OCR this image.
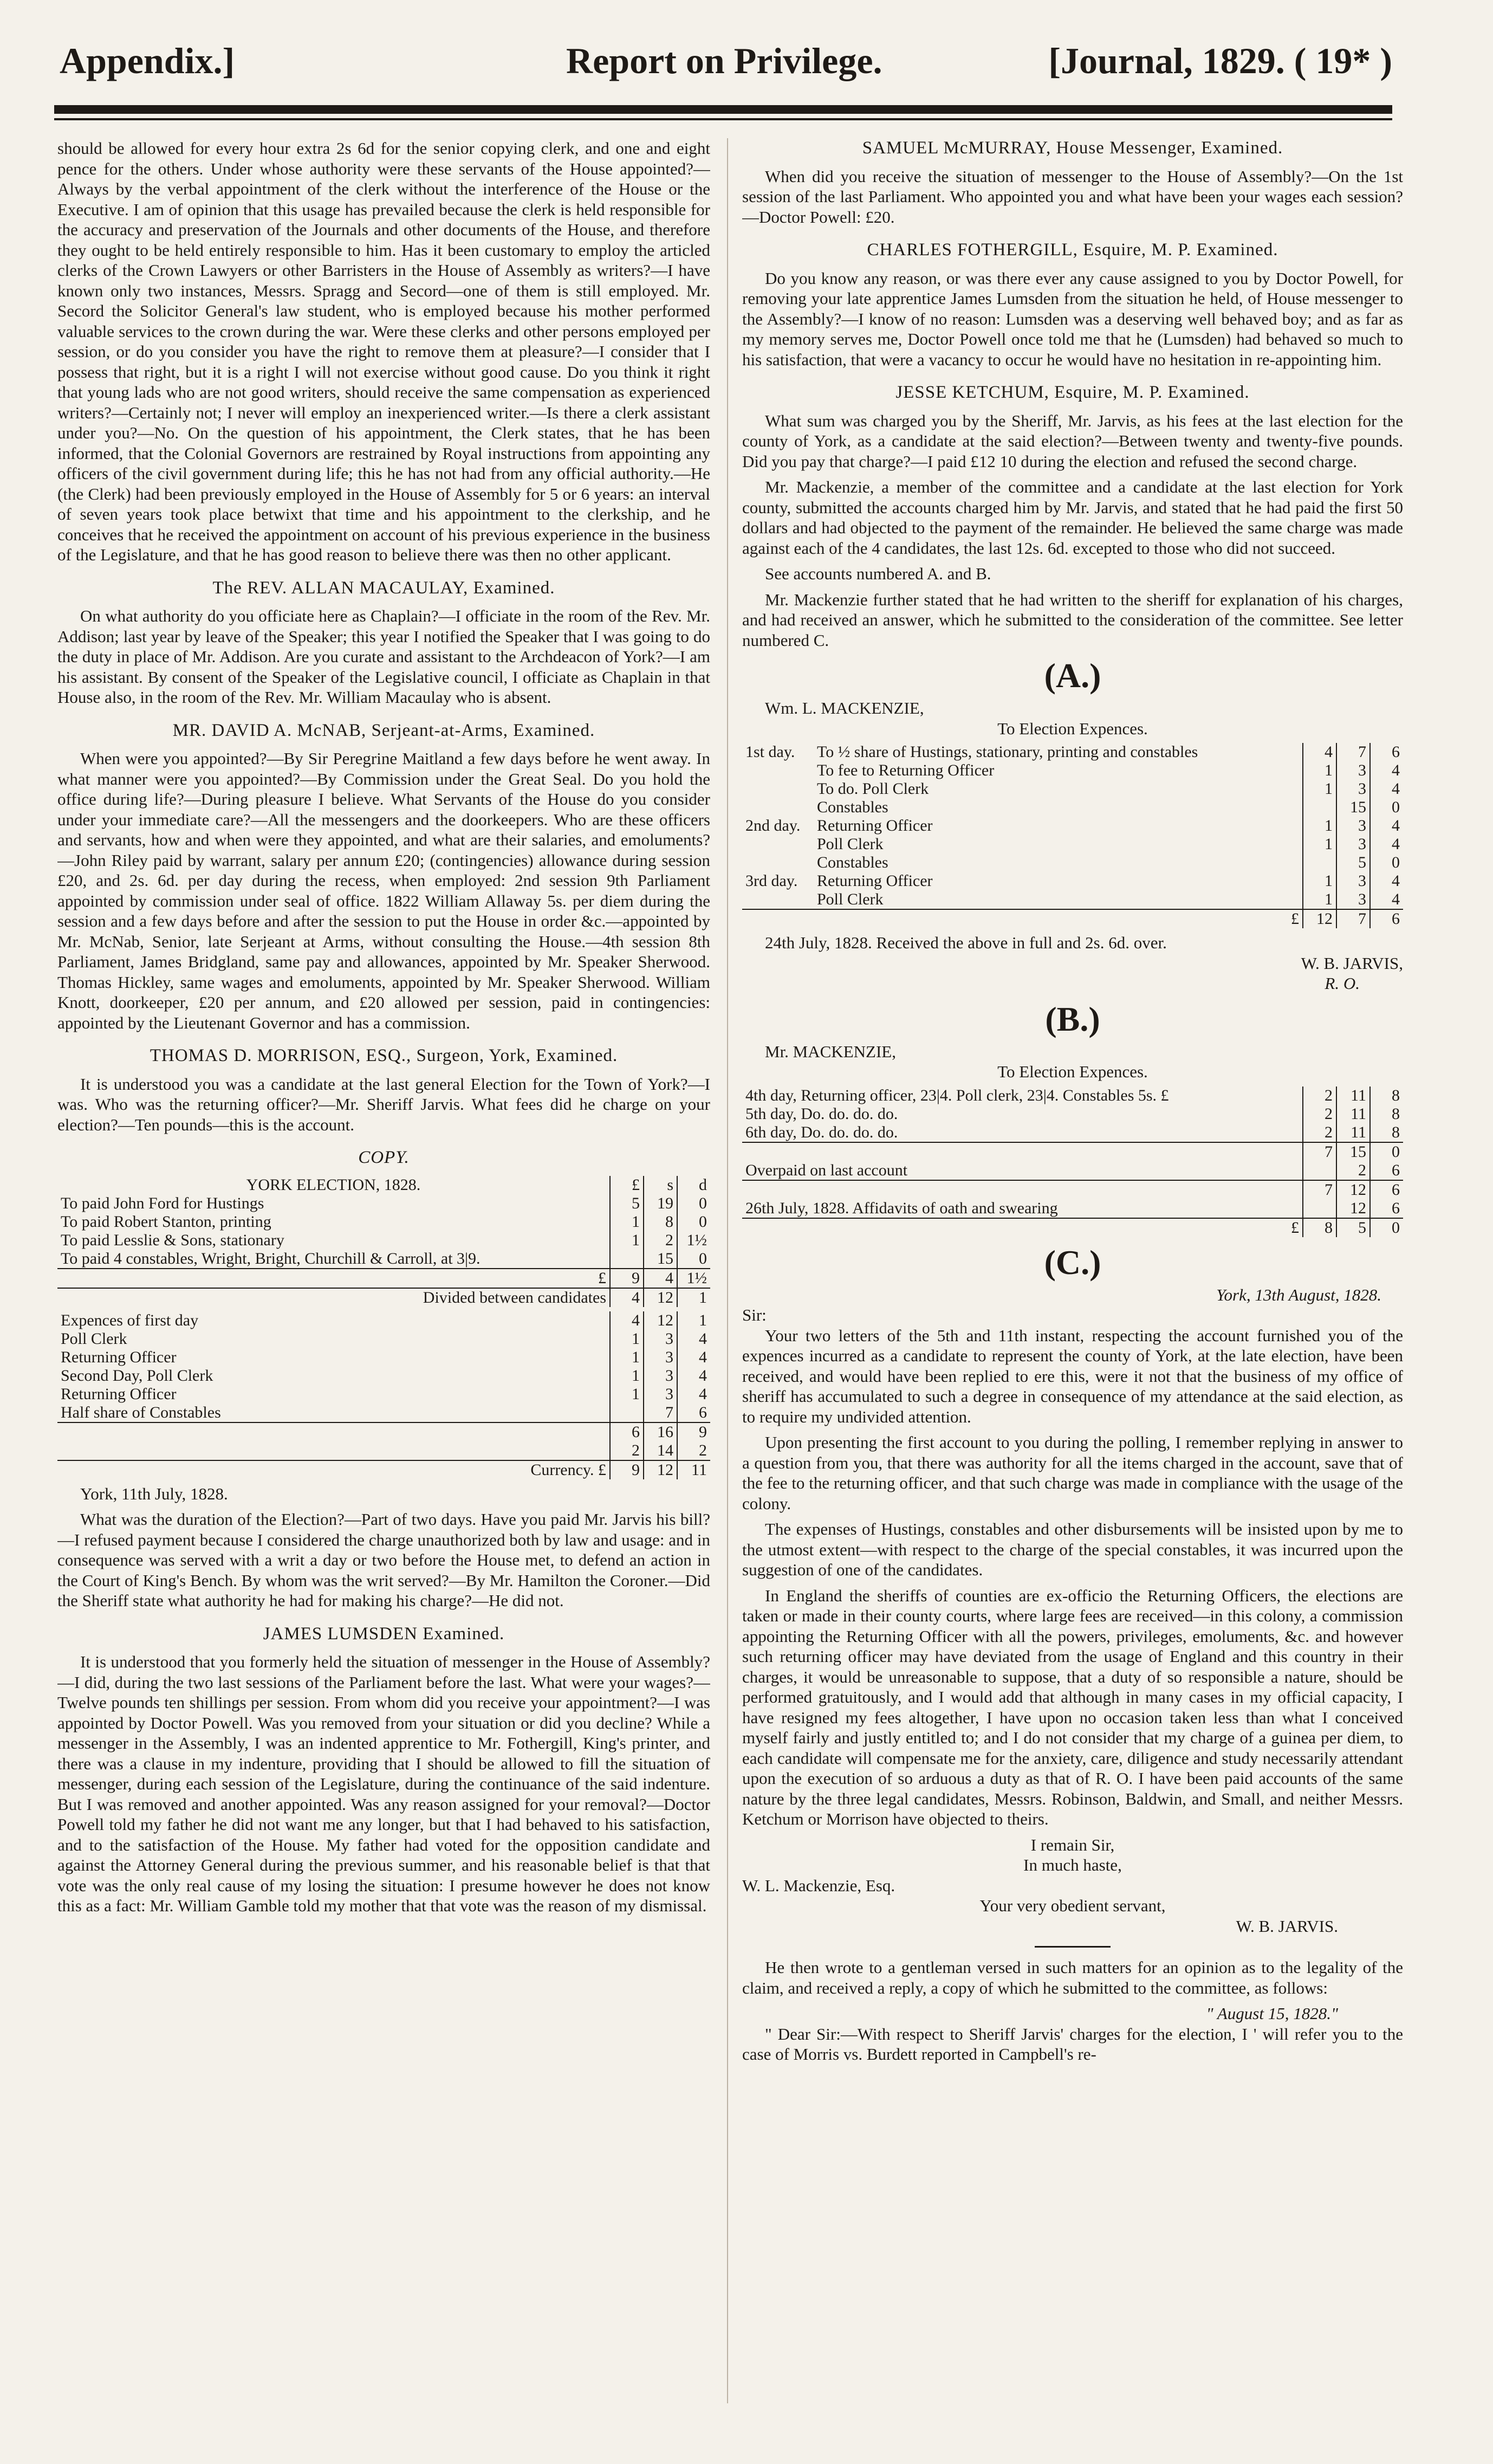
Appendix.]	Report on Privilege.	[Journal, 1829. ( 19* )

should be allowed for every hour extra 2s 6d for the senior copying clerk, and one and eight pence for the others. Under whose authority were these servants of the House appointed?—Always by the verbal appointment of the clerk without the interference of the House or the Executive. I am of opinion that this usage has prevailed because the clerk is held responsible for the accuracy and preservation of the Journals and other documents of the House, and therefore they ought to be held entirely responsible to him. Has it been customary to employ the articled clerks of the Crown Lawyers or other Barristers in the House of Assembly as writers?—I have known only two instances, Messrs. Spragg and Secord—one of them is still employed. Mr. Secord the Solicitor General's law student, who is employed because his mother performed valuable services to the crown during the war. Were these clerks and other persons employed per session, or do you consider you have the right to remove them at pleasure?—I consider that I possess that right, but it is a right I will not exercise without good cause. Do you think it right that young lads who are not good writers, should receive the same compensation as experienced writers?—Certainly not; I never will employ an inexperienced writer.—Is there a clerk assistant under you?—No. On the question of his appointment, the Clerk states, that he has been informed, that the Colonial Governors are restrained by Royal instructions from appointing any officers of the civil government during life; this he has not had from any official authority.—He (the Clerk) had been previously employed in the House of Assembly for 5 or 6 years: an interval of seven years took place betwixt that time and his appointment to the clerkship, and he conceives that he received the appointment on account of his previous experience in the business of the Legislature, and that he has good reason to believe there was then no other applicant.

The REV. ALLAN MACAULAY, Examined.

On what authority do you officiate here as Chaplain?—I officiate in the room of the Rev. Mr. Addison; last year by leave of the Speaker; this year I notified the Speaker that I was going to do the duty in place of Mr. Addison. Are you curate and assistant to the Archdeacon of York?—I am his assistant. By consent of the Speaker of the Legislative council, I officiate as Chaplain in that House also, in the room of the Rev. Mr. William Macaulay who is absent.

MR. DAVID A. McNAB, Serjeant-at-Arms, Examined.

When were you appointed?—By Sir Peregrine Maitland a few days before he went away. In what manner were you appointed?—By Commission under the Great Seal. Do you hold the office during life?—During pleasure I believe. What Servants of the House do you consider under your immediate care?—All the messengers and the doorkeepers. Who are these officers and servants, how and when were they appointed, and what are their salaries, and emoluments?—John Riley paid by warrant, salary per annum £20; (contingencies) allowance during session £20, and 2s. 6d. per day during the recess, when employed: 2nd session 9th Parliament appointed by commission under seal of office. 1822 William Allaway 5s. per diem during the session and a few days before and after the session to put the House in order &c.—appointed by Mr. McNab, Senior, late Serjeant at Arms, without consulting the House.—4th session 8th Parliament, James Bridgland, same pay and allowances, appointed by Mr. Speaker Sherwood. Thomas Hickley, same wages and emoluments, appointed by Mr. Speaker Sherwood. William Knott, doorkeeper, £20 per annum, and £20 allowed per session, paid in contingencies: appointed by the Lieutenant Governor and has a commission.

THOMAS D. MORRISON, ESQ., Surgeon, York, Examined.

It is understood you was a candidate at the last general Election for the Town of York?—I was. Who was the returning officer?—Mr. Sheriff Jarvis. What fees did he charge on your election?—Ten pounds—this is the account.

COPY.
YORK ELECTION, 1828.	£	s	d
To paid John Ford for Hustings	5	19	0
To paid Robert Stanton, printing	1	8	0
To paid Lesslie & Sons, stationary	1	2	1½
To paid 4 constables, Wright, Bright, Churchill & Carroll, at 3|9.		15	0
£	9	4	1½
Divided between candidates	4	12	1
Expences of first day	4	12	1
Poll Clerk	1	3	4
Returning Officer	1	3	4
Second Day, Poll Clerk	1	3	4
Returning Officer	1	3	4
Half share of Constables		7	6
	6	16	9
	2	14	2
Currency. £	9	12	11

York, 11th July, 1828.

What was the duration of the Election?—Part of two days. Have you paid Mr. Jarvis his bill?—I refused payment because I considered the charge unauthorized both by law and usage: and in consequence was served with a writ a day or two before the House met, to defend an action in the Court of King's Bench. By whom was the writ served?—By Mr. Hamilton the Coroner.—Did the Sheriff state what authority he had for making his charge?—He did not.

JAMES LUMSDEN Examined.

It is understood that you formerly held the situation of messenger in the House of Assembly?—I did, during the two last sessions of the Parliament before the last. What were your wages?—Twelve pounds ten shillings per session. From whom did you receive your appointment?—I was appointed by Doctor Powell. Was you removed from your situation or did you decline? While a messenger in the Assembly, I was an indented apprentice to Mr. Fothergill, King's printer, and there was a clause in my indenture, providing that I should be allowed to fill the situation of messenger, during each session of the Legislature, during the continuance of the said indenture. But I was removed and another appointed. Was any reason assigned for your removal?—Doctor Powell told my father he did not want me any longer, but that I had behaved to his satisfaction, and to the satisfaction of the House. My father had voted for the opposition candidate and against the Attorney General during the previous summer, and his reasonable belief is that that vote was the only real cause of my losing the situation: I presume however he does not know this as a fact: Mr. William Gamble told my mother that that vote was the reason of my dismissal.

SAMUEL McMURRAY, House Messenger, Examined.

When did you receive the situation of messenger to the House of Assembly?—On the 1st session of the last Parliament. Who appointed you and what have been your wages each session?—Doctor Powell: £20.

CHARLES FOTHERGILL, Esquire, M. P. Examined.

Do you know any reason, or was there ever any cause assigned to you by Doctor Powell, for removing your late apprentice James Lumsden from the situation he held, of House messenger to the Assembly?—I know of no reason: Lumsden was a deserving well behaved boy; and as far as my memory serves me, Doctor Powell once told me that he (Lumsden) had behaved so much to his satisfaction, that were a vacancy to occur he would have no hesitation in re-appointing him.

JESSE KETCHUM, Esquire, M. P. Examined.

What sum was charged you by the Sheriff, Mr. Jarvis, as his fees at the last election for the county of York, as a candidate at the said election?—Between twenty and twenty-five pounds. Did you pay that charge?—I paid £12 10 during the election and refused the second charge.

Mr. Mackenzie, a member of the committee and a candidate at the last election for York county, submitted the accounts charged him by Mr. Jarvis, and stated that he had paid the first 50 dollars and had objected to the payment of the remainder. He believed the same charge was made against each of the 4 candidates, the last 12s. 6d. excepted to those who did not succeed.

See accounts numbered A. and B.

Mr. Mackenzie further stated that he had written to the sheriff for explanation of his charges, and had received an answer, which he submitted to the consideration of the committee. See letter numbered C.

(A.)

Wm. L. MACKENZIE,

To Election Expences.

1st day.	To ½ share of Hustings, stationary, printing and constables	4	7	6
	To fee to Returning Officer	1	3	4
	To do. Poll Clerk	1	3	4
	Constables		15	0
2nd day.	Returning Officer	1	3	4
	Poll Clerk	1	3	4
	Constables		5	0
3rd day.	Returning Officer	1	3	4
	Poll Clerk	1	3	4
	£	12	7	6

24th July, 1828. Received the above in full and 2s. 6d. over.

W. B. JARVIS,

R. O.

(B.)

Mr. MACKENZIE,

To Election Expences.

4th day, Returning officer, 23|4. Poll clerk, 23|4. Constables 5s. £	2	11	8
5th day, Do. do. do. do.	2	11	8
6th day, Do. do. do. do.	2	11	8
	7	15	0
Overpaid on last account		2	6
	7	12	6
26th July, 1828. Affidavits of oath and swearing		12	6
£	8	5	0
(C.)

York, 13th August, 1828.

Sir:

Your two letters of the 5th and 11th instant, respecting the account furnished you of the expences incurred as a candidate to represent the county of York, at the late election, have been received, and would have been replied to ere this, were it not that the business of my office of sheriff has accumulated to such a degree in consequence of my attendance at the said election, as to require my undivided attention.

Upon presenting the first account to you during the polling, I remember replying in answer to a question from you, that there was authority for all the items charged in the account, save that of the fee to the returning officer, and that such charge was made in compliance with the usage of the colony.

The expenses of Hustings, constables and other disbursements will be insisted upon by me to the utmost extent—with respect to the charge of the special constables, it was incurred upon the suggestion of one of the candidates.

In England the sheriffs of counties are ex-officio the Returning Officers, the elections are taken or made in their county courts, where large fees are received—in this colony, a commission appointing the Returning Officer with all the powers, privileges, emoluments, &c. and however such returning officer may have deviated from the usage of England and this country in their charges, it would be unreasonable to suppose, that a duty of so responsible a nature, should be performed gratuitously, and I would add that although in many cases in my official capacity, I have resigned my fees altogether, I have upon no occasion taken less than what I conceived myself fairly and justly entitled to; and I do not consider that my charge of a guinea per diem, to each candidate will compensate me for the anxiety, care, diligence and study necessarily attendant upon the execution of so arduous a duty as that of R. O. I have been paid accounts of the same nature by the three legal candidates, Messrs. Robinson, Baldwin, and Small, and neither Messrs. Ketchum or Morrison have objected to theirs.

I remain Sir,

In much haste,

W. L. Mackenzie, Esq.

Your very obedient servant,

W. B. JARVIS.

He then wrote to a gentleman versed in such matters for an opinion as to the legality of the claim, and received a reply, a copy of which he submitted to the committee, as follows:

" August 15, 1828."

" Dear Sir:—With respect to Sheriff Jarvis' charges for the election, I ' will refer you to the case of Morris vs. Burdett reported in Campbell's re-
